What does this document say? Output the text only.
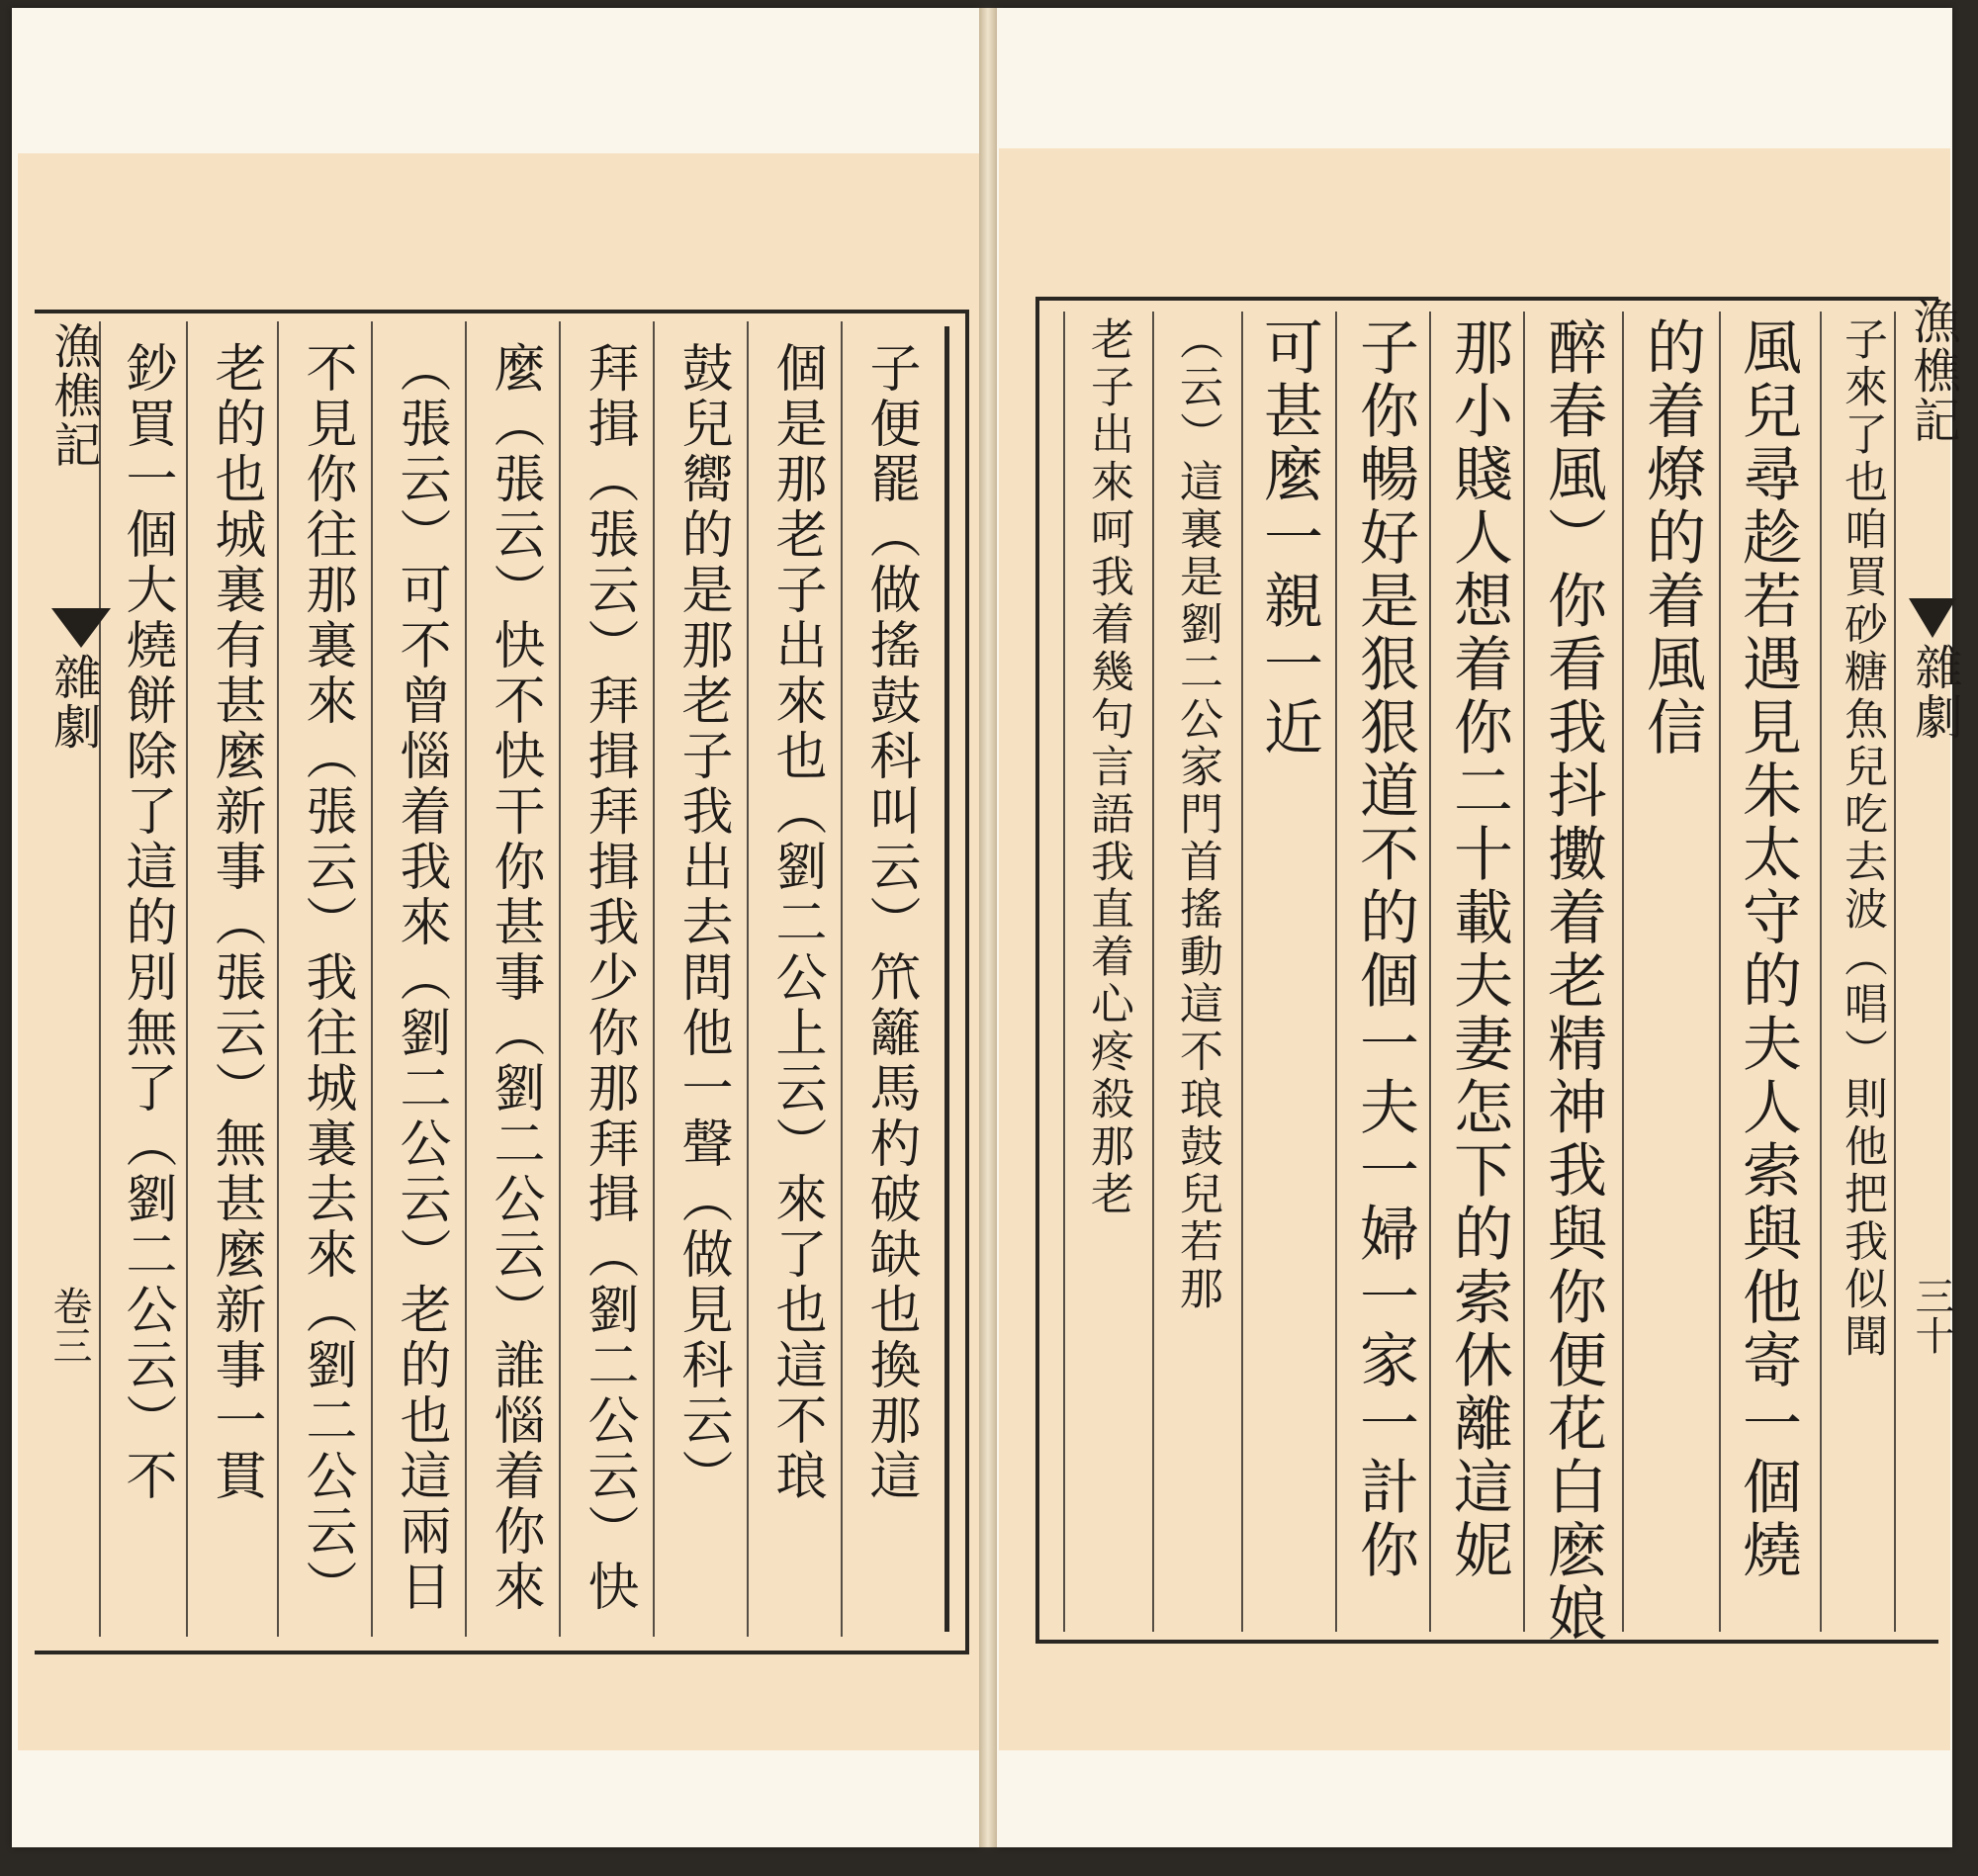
漁樵記
雜劇
卷三
漁樵記
雜劇
三十
子便罷（做搖鼓科叫云）笊籬馬杓破缺也換那這
個是那老子出來也（劉二公上云）來了也這不琅
鼓兒嚮的是那老子我出去問他一聲（做見科云）
拜揖（張云）拜揖拜揖我少你那拜揖（劉二公云）快
麼（張云）快不快干你甚事（劉二公云）誰惱着你來
（張云）可不曾惱着我來（劉二公云）老的也這兩日
不見你往那裏來（張云）我往城裏去來（劉二公云）
老的也城裏有甚麼新事（張云）無甚麼新事一貫
鈔買一個大燒餅除了這的別無了（劉二公云）不	子來了也咱買砂糖魚兒吃去波（唱）則他把我似聞
風兒尋趁若遇見朱太守的夫人索與他寄一個燒
的着燎的着風信
醉春風）你看我抖擻着老精神我與你便花白麽娘
那小賤人想着你二十載夫妻怎下的索休離這妮
子你暢好是狠狠道不的個一夫一婦一家一計你
可甚麼一親一近
（云）這裏是劉二公家門首搖動這不琅鼓兒若那
老子出來呵我着幾句言語我直着心疼殺那老
